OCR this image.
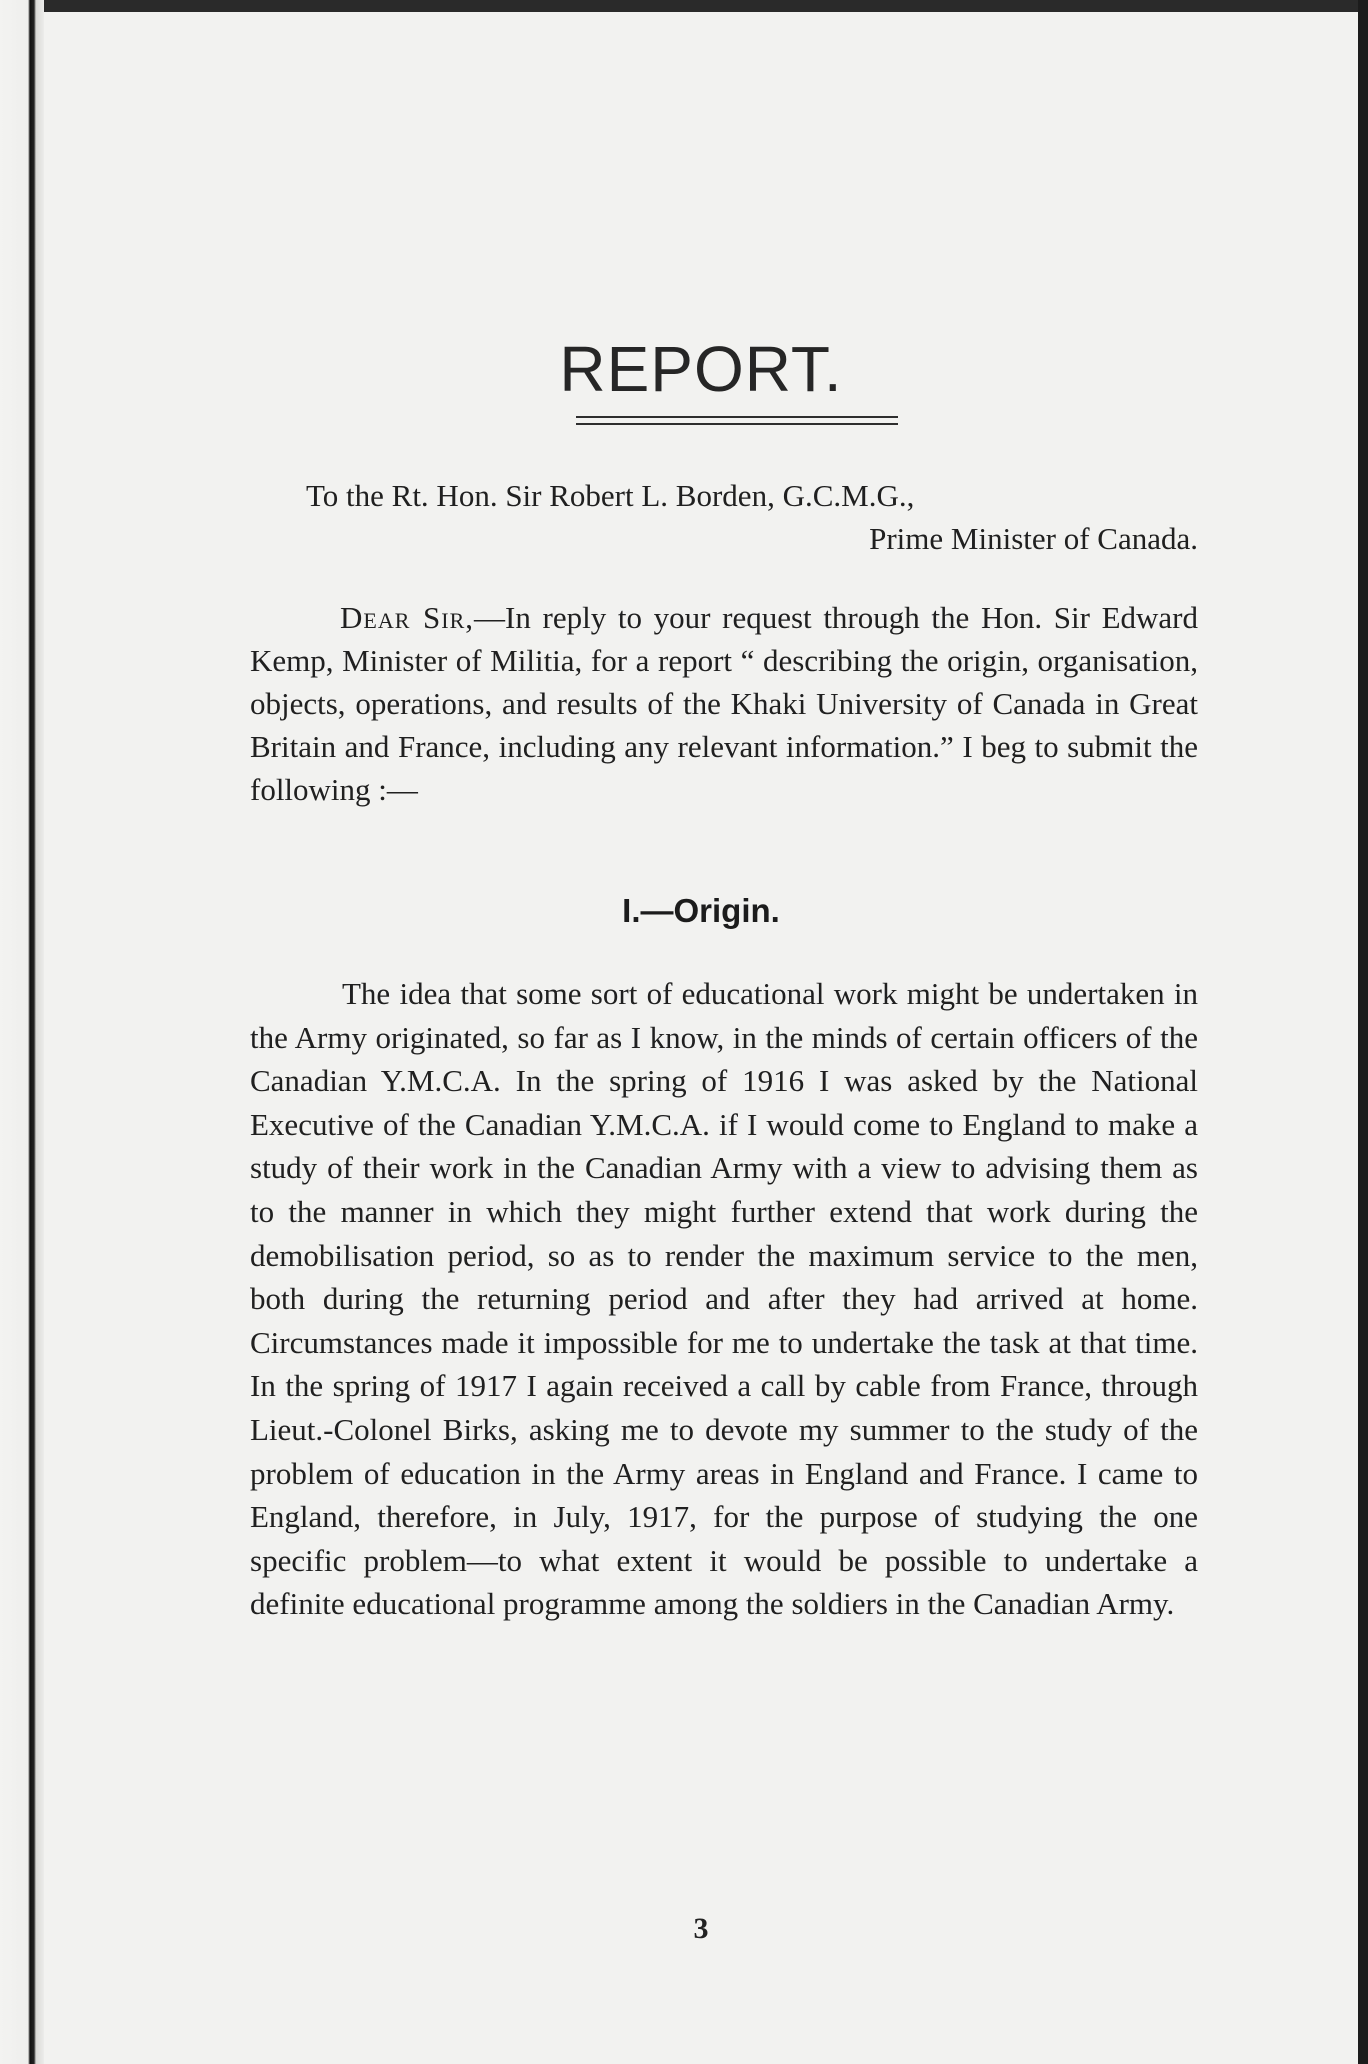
REPORT.
To the Rt. Hon. Sir Robert L. Borden, G.C.M.G.,
Prime Minister of Canada.

Dear Sir,—In reply to your request through the Hon. Sir Edward Kemp, Minister of Militia, for a report “ describing the origin, organisation, objects, operations, and results of the Khaki University of Canada in Great Britain and France, including any relevant information.” I beg to submit the following :—

I.—Origin.

The idea that some sort of educational work might be undertaken in the Army originated, so far as I know, in the minds of certain officers of the Canadian Y.M.C.A. In the spring of 1916 I was asked by the National Executive of the Canadian Y.M.C.A. if I would come to England to make a study of their work in the Canadian Army with a view to advising them as to the manner in which they might further extend that work during the demobilisation period, so as to render the maximum service to the men, both during the returning period and after they had arrived at home. Circumstances made it impossible for me to undertake the task at that time. In the spring of 1917 I again received a call by cable from France, through Lieut.-Colonel Birks, asking me to devote my summer to the study of the problem of education in the Army areas in England and France. I came to England, therefore, in July, 1917, for the purpose of studying the one specific problem—to what extent it would be possible to undertake a definite educational programme among the soldiers in the Canadian Army.

3
